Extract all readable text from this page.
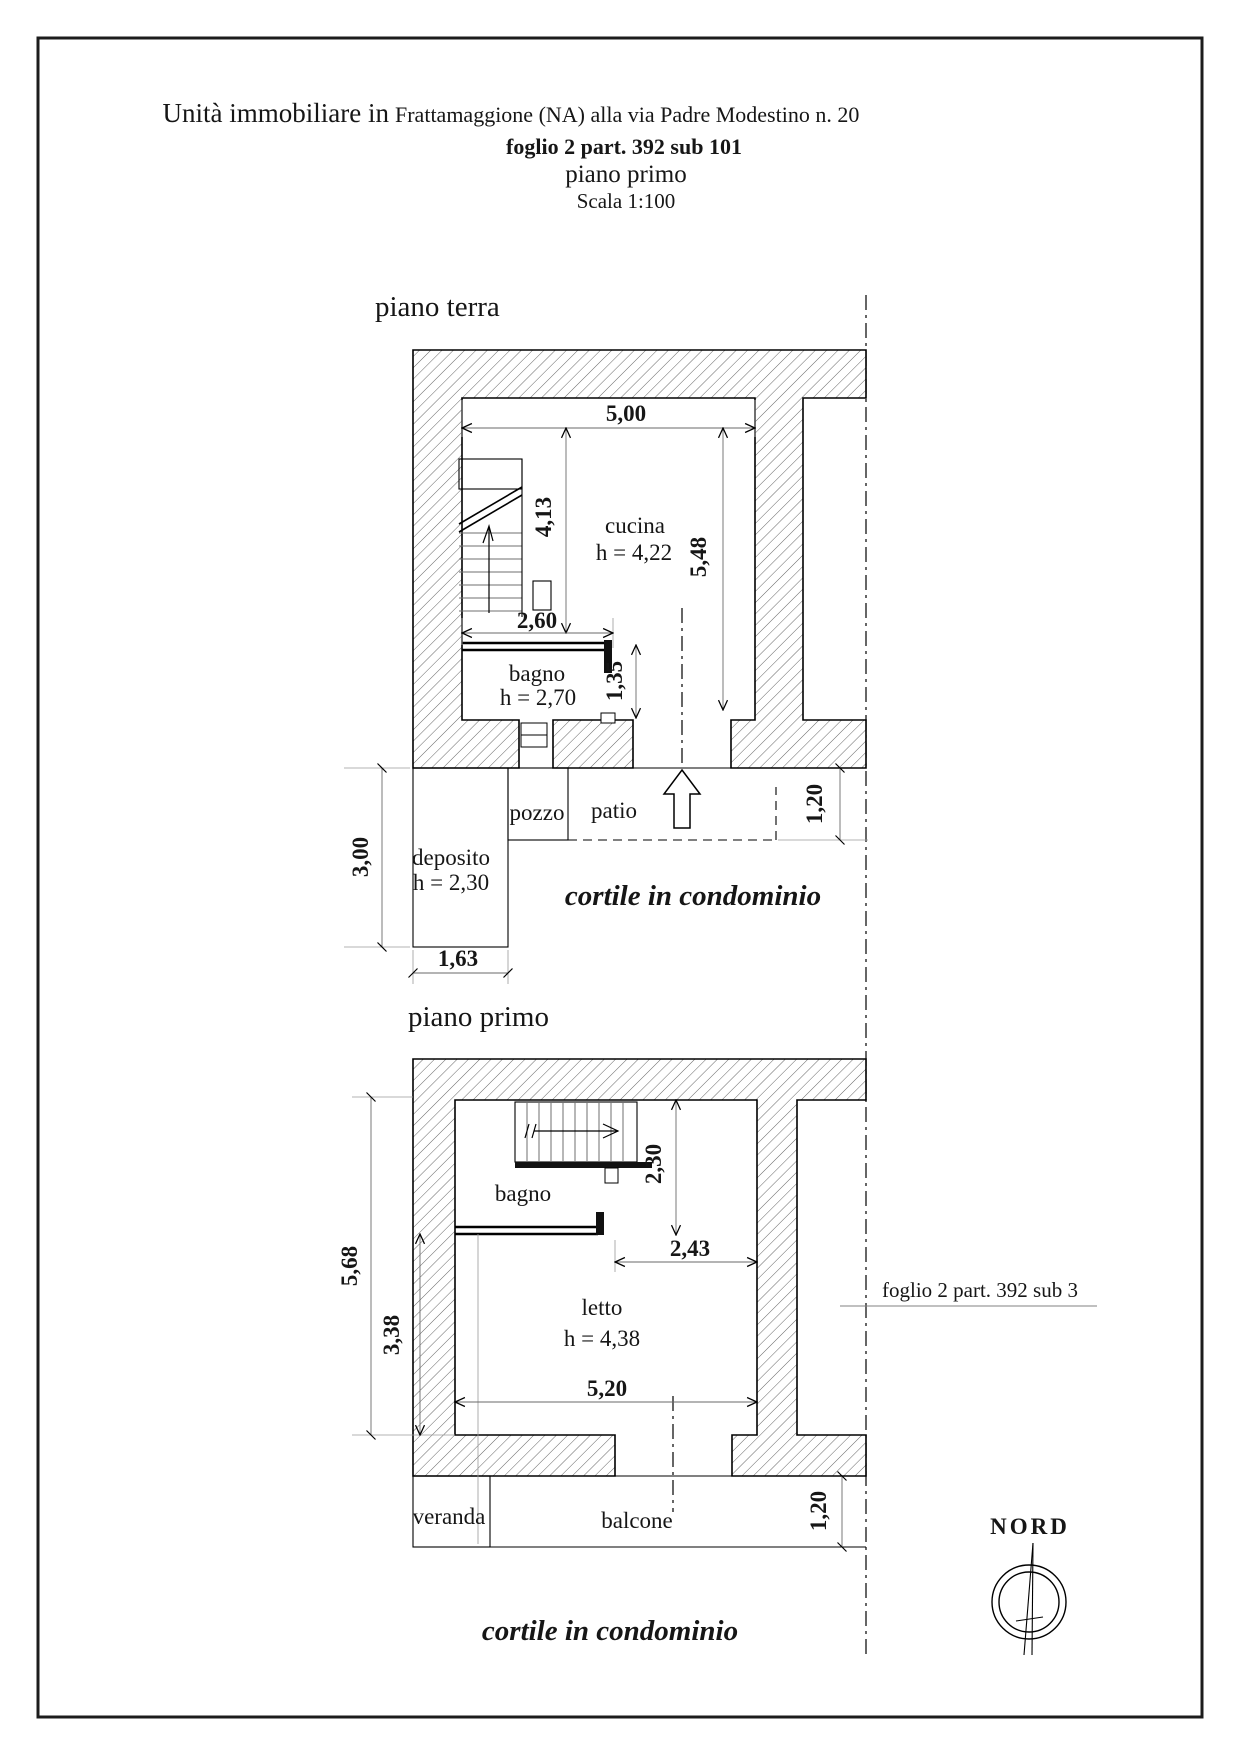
Unità immobiliare in Frattamaggione (NA) alla via Padre Modestino n. 20
foglio 2 part. 392 sub 101
piano primo
Scala 1:100
piano terra
5,00
4,13
5,48
2,60
1,35
1,20
3,00
1,63
cucina
h = 4,22
bagno
h = 2,70
pozzo patio
deposito
h = 2,30	cortile in condominio
piano primo
5,68
2,30
2,43
3,38
5,20
1,20
bagno
letto
h = 4,38
veranda	balcone
foglio 2 part. 392 sub 3
cortile in condominio
NORD
